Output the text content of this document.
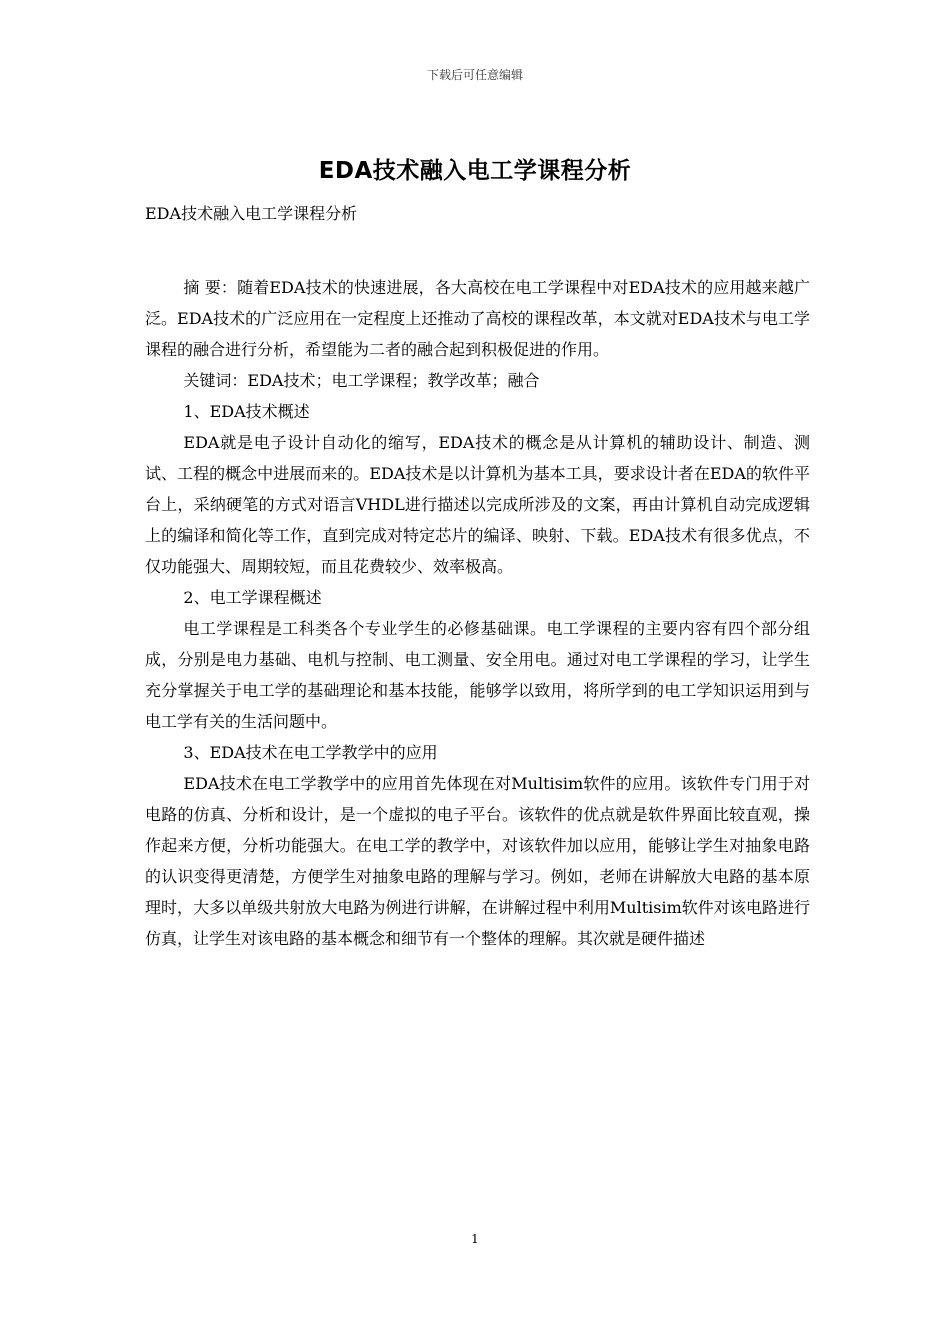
下载后可任意编辑
EDA技术融入电工学课程分析
EDA技术融入电工学课程分析

摘 要：随着EDA技术的快速进展，各大高校在电工学课程中对EDA技术的应用越来越广泛。EDA技术的广泛应用在一定程度上还推动了高校的课程改革，本文就对EDA技术与电工学课程的融合进行分析，希望能为二者的融合起到积极促进的作用。

关键词：EDA技术；电工学课程；教学改革；融合

1、EDA技术概述

EDA就是电子设计自动化的缩写，EDA技术的概念是从计算机的辅助设计、制造、测试、工程的概念中进展而来的。EDA技术是以计算机为基本工具，要求设计者在EDA的软件平台上，采纳硬笔的方式对语言VHDL进行描述以完成所涉及的文案，再由计算机自动完成逻辑上的编译和简化等工作，直到完成对特定芯片的编译、映射、下载。EDA技术有很多优点，不仅功能强大、周期较短，而且花费较少、效率极高。

2、电工学课程概述

电工学课程是工科类各个专业学生的必修基础课。电工学课程的主要内容有四个部分组成，分别是电力基础、电机与控制、电工测量、安全用电。通过对电工学课程的学习，让学生充分掌握关于电工学的基础理论和基本技能，能够学以致用，将所学到的电工学知识运用到与电工学有关的生活问题中。

3、EDA技术在电工学教学中的应用

EDA技术在电工学教学中的应用首先体现在对Multisim软件的应用。该软件专门用于对电路的仿真、分析和设计，是一个虚拟的电子平台。该软件的优点就是软件界面比较直观，操作起来方便，分析功能强大。在电工学的教学中，对该软件加以应用，能够让学生对抽象电路的认识变得更清楚，方便学生对抽象电路的理解与学习。例如，老师在讲解放大电路的基本原理时，大多以单级共射放大电路为例进行讲解，在讲解过程中利用Multisim软件对该电路进行仿真，让学生对该电路的基本概念和细节有一个整体的理解。其次就是硬件描述

1
